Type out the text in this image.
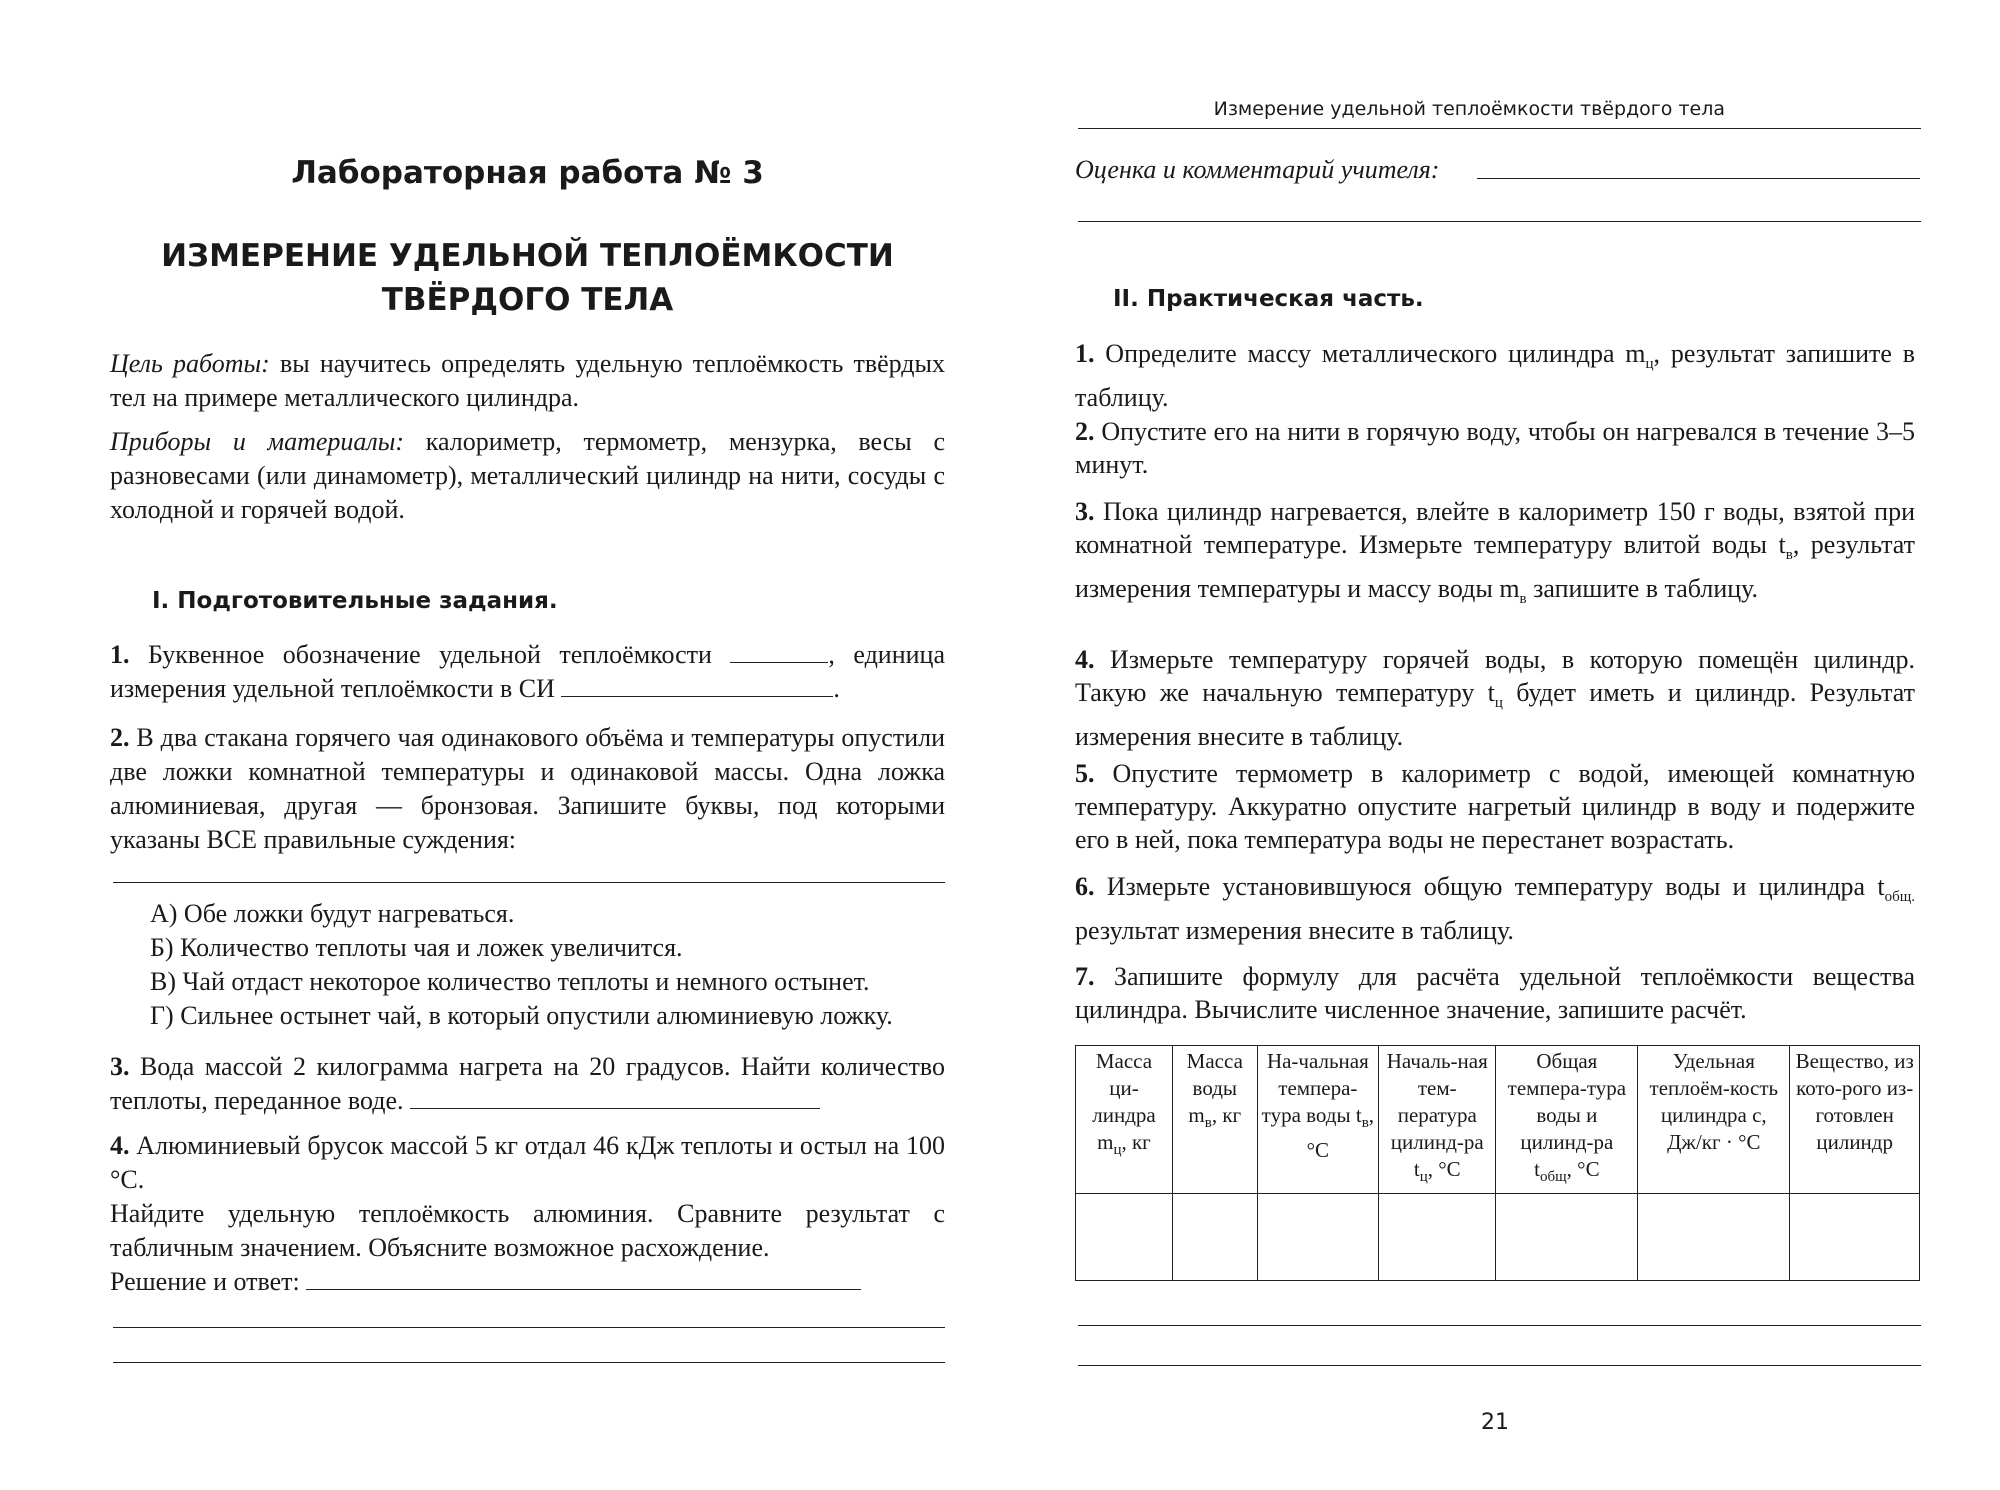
Лабораторная работа № 3
ИЗМЕРЕНИЕ УДЕЛЬНОЙ ТЕПЛОЁМКОСТИ
ТВЁРДОГО ТЕЛА
Цель работы: вы научитесь определять удельную теплоёмкость твёрдых тел на примере металлического цилиндра.
Приборы и материалы: калориметр, термометр, мензурка, весы с разновесами (или динамометр), металлический цилиндр на нити, сосуды с холодной и горячей водой.
I. Подготовительные задания.
1. Буквенное обозначение удельной теплоёмкости	, единица измерения удельной теплоёмкости в СИ	.
2. В два стакана горячего чая одинакового объёма и температуры опустили две ложки комнатной температуры и одинаковой массы. Одна ложка алюминиевая, другая — бронзовая. Запишите буквы, под которыми указаны ВСЕ правильные суждения:
А) Обе ложки будут нагреваться.
Б) Количество теплоты чая и ложек увеличится.
В) Чай отдаст некоторое количество теплоты и немного остынет.
Г) Сильнее остынет чай, в который опустили алюминиевую ложку.
3. Вода массой 2 килограмма нагрета на 20 градусов. Найти количество теплоты, переданное воде.
4. Алюминиевый брусок массой 5 кг отдал 46 кДж теплоты и остыл на 100 °С.
Найдите удельную теплоёмкость алюминия. Сравните результат с табличным значением. Объясните возможное расхождение.
Решение и ответ:
Измерение удельной теплоёмкости твёрдого тела
Оценка и комментарий учителя:
II. Практическая часть.
1. Определите массу металлического цилиндра $m_ц$, результат запишите в таблицу.
2. Опустите его на нити в горячую воду, чтобы он нагревался в течение 3–5 минут.
3. Пока цилиндр нагревается, влейте в калориметр 150 г воды, взятой при комнатной температуре. Измерьте температуру влитой воды $t_в$, результат измерения температуры и массу воды $m_в$ запишите в таблицу.
4. Измерьте температуру горячей воды, в которую помещён цилиндр. Такую же начальную температуру $t_ц$ будет иметь и цилиндр. Результат измерения внесите в таблицу.
5. Опустите термометр в калориметр с водой, имеющей комнатную температуру. Аккуратно опустите нагретый цилиндр в воду и подержите его в ней, пока температура воды не перестанет возрастать.
6. Измерьте установившуюся общую температуру воды и цилиндра $t_{общ.}$ результат измерения внесите в таблицу.
7. Запишите формулу для расчёта удельной теплоёмкости вещества цилиндра. Вычислите численное значение, запишите расчёт.
Масса ци-линдра $m_ц$, кг	Масса воды $m_в$, кг	На-чальная темпера-тура воды $t_в$, °С	Началь-ная тем-пература цилинд-ра $t_ц$, °С	Общая темпера-тура воды и цилинд-ра $t_{общ}$, °С	Удельная теплоём-кость цилиндра c, Дж/кг · °С	Вещество, из кото-рого из-готовлен цилиндр

21
